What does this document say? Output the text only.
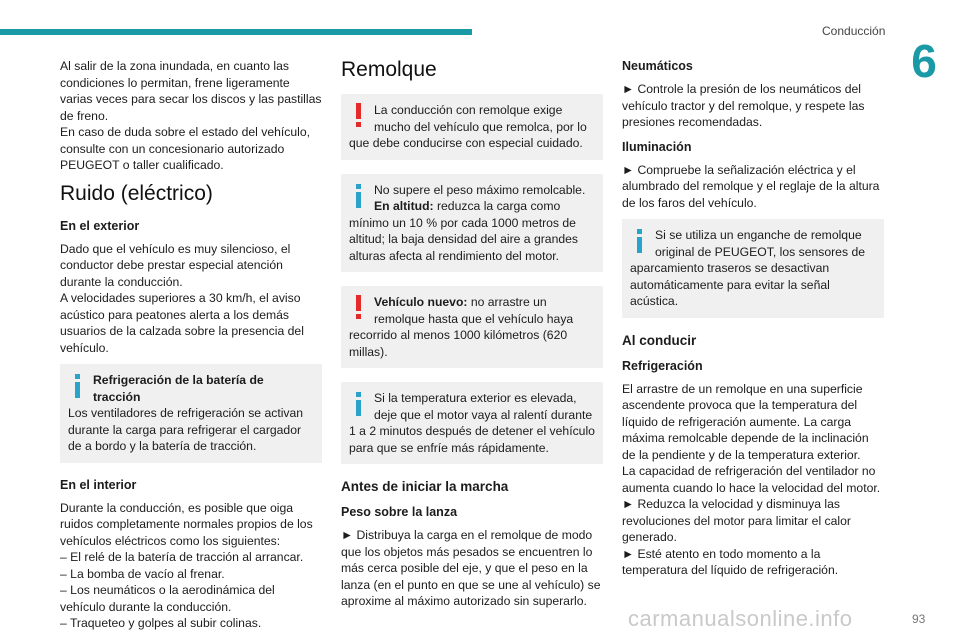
Conducción
6

Al salir de la zona inundada, en cuanto las condiciones lo permitan, frene ligeramente varias veces para secar los discos y las pastillas de freno.
En caso de duda sobre el estado del vehículo, consulte con un concesionario autorizado PEUGEOT o taller cualificado.

Ruido (eléctrico)
En el exterior

Dado que el vehículo es muy silencioso, el conductor debe prestar especial atención durante la conducción.
A velocidades superiores a 30 km/h, el aviso acústico para peatones alerta a los demás usuarios de la calzada sobre la presencia del vehículo.

Refrigeración de la batería de tracción
Los ventiladores de refrigeración se activan durante la carga para refrigerar el cargador de a bordo y la batería de tracción.
En el interior

Durante la conducción, es posible que oiga ruidos completamente normales propios de los vehículos eléctricos como los siguientes:
– El relé de la batería de tracción al arrancar.
– La bomba de vacío al frenar.
– Los neumáticos o la aerodinámica del vehículo durante la conducción.
– Traqueteo y golpes al subir colinas.

Remolque
La conducción con remolque exige mucho del vehículo que remolca, por lo que debe conducirse con especial cuidado.
No supere el peso máximo remolcable.
En altitud: reduzca la carga como mínimo un 10 % por cada 1000 metros de altitud; la baja densidad del aire a grandes alturas afecta al rendimiento del motor.
Vehículo nuevo: no arrastre un remolque hasta que el vehículo haya recorrido al menos 1000 kilómetros (620 millas).
Si la temperatura exterior es elevada, deje que el motor vaya al ralentí durante 1 a 2 minutos después de detener el vehículo para que se enfríe más rápidamente.
Antes de iniciar la marcha
Peso sobre la lanza

► Distribuya la carga en el remolque de modo que los objetos más pesados se encuentren lo más cerca posible del eje, y que el peso en la lanza (en el punto en que se une al vehículo) se aproxime al máximo autorizado sin superarlo.

Neumáticos

► Controle la presión de los neumáticos del vehículo tractor y del remolque, y respete las presiones recomendadas.

Iluminación

► Compruebe la señalización eléctrica y el alumbrado del remolque y el reglaje de la altura de los faros del vehículo.

Si se utiliza un enganche de remolque original de PEUGEOT, los sensores de aparcamiento traseros se desactivan automáticamente para evitar la señal acústica.
Al conducir
Refrigeración

El arrastre de un remolque en una superficie ascendente provoca que la temperatura del líquido de refrigeración aumente. La carga máxima remolcable depende de la inclinación de la pendiente y de la temperatura exterior.
La capacidad de refrigeración del ventilador no aumenta cuando lo hace la velocidad del motor.
► Reduzca la velocidad y disminuya las revoluciones del motor para limitar el calor generado.
► Esté atento en todo momento a la temperatura del líquido de refrigeración.

carmanualsonline.info	93
